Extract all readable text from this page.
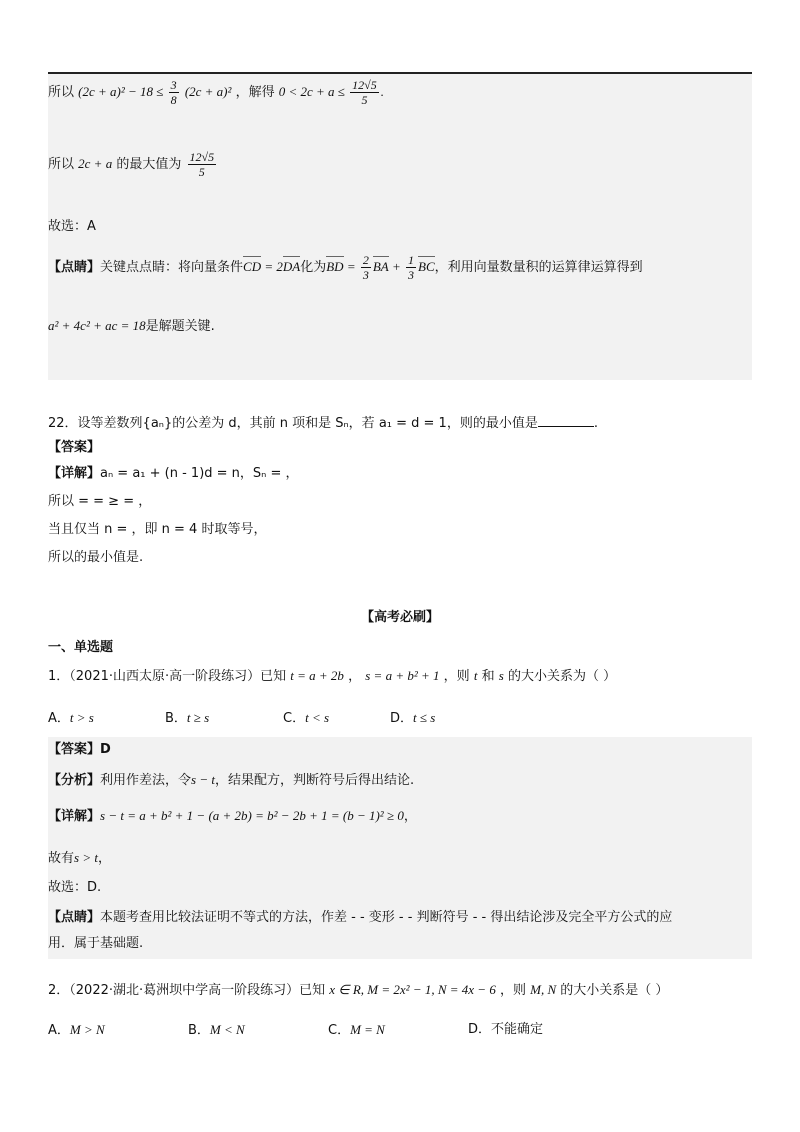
所以 $(2c + a)^2 - 18 \le \frac{3}{8} (2c + a)^2$ ，解得 $0 < 2c + a \le \frac{12√5}{5}$ .
所以 2c + a 的最大值为 $\frac{12√5}{5}$
故选：A
【点睛】关键点点睛：将向量条件CD = 2DA化为BD = $\frac{2}{3}$ BA + $\frac{1}{3}$ BC，利用向量数量积的运算律运算得到
a² + 4c² + ac = 18是解题关键.
22．设等差数列{aₙ}的公差为 d，其前 n 项和是 Sₙ，若 a₁ = d = 1，则的最小值是	.
【答案】
【详解】aₙ = a₁ + (n - 1)d = n，Sₙ = ，
所以 = = ≥ = ，
当且仅当 n = ，即 n = 4 时取等号，
所以的最小值是.
【高考必刷】
一、单选题
1．（2021·山西太原·高一阶段练习）已知 t = a + 2b ， s = a + b² + 1 ，则 t 和 s 的大小关系为（ ）
A．t > s	B．t ≥ s	C．t < s	D．t ≤ s
【答案】D
【分析】利用作差法，令s − t，结果配方，判断符号后得出结论.
【详解】s − t = a + b² + 1 − (a + 2b) = b² − 2b + 1 = (b − 1)² ≥ 0，
故有s > t，
故选：D.
【点睛】本题考查用比较法证明不等式的方法，作差 - - 变形 - - 判断符号 - - 得出结论涉及完全平方公式的应
用．属于基础题.
2．（2022·湖北·葛洲坝中学高一阶段练习）已知 x ∈ R, M = 2x² − 1, N = 4x − 6 ，则 M, N 的大小关系是（ ）
A．M > N	B．M < N	C．M = N	D．不能确定
